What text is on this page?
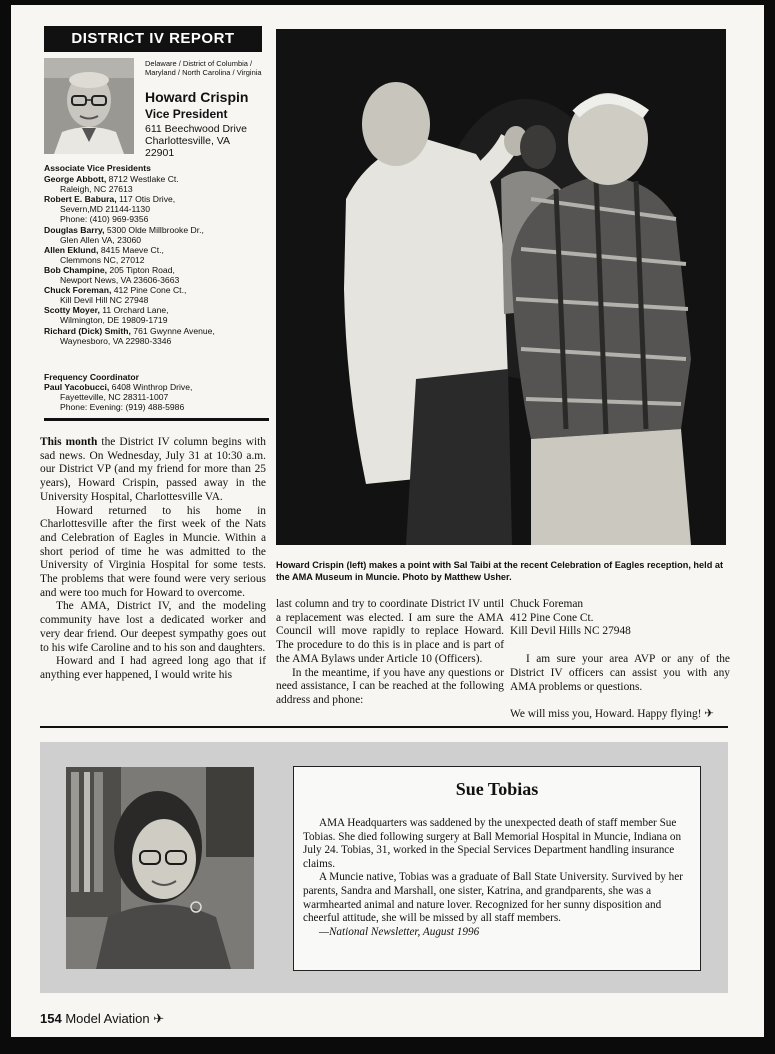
DISTRICT IV REPORT
Delaware / District of Columbia / Maryland / North Carolina / Virginia
Howard Crispin
Vice President
611 Beechwood Drive
Charlottesville, VA
22901
Associate Vice Presidents
George Abbott, 8712 Westlake Ct.
Raleigh, NC 27613
Robert E. Babura, 117 Otis Drive,
Severn,MD 21144-1130
Phone: (410) 969-9356
Douglas Barry, 5300 Olde Millbrooke Dr.,
Glen Allen VA, 23060
Allen Eklund, 8415 Maeve Ct.,
Clemmons NC, 27012
Bob Champine, 205 Tipton Road,
Newport News, VA 23606-3663
Chuck Foreman, 412 Pine Cone Ct.,
Kill Devil Hill NC 27948
Scotty Moyer, 11 Orchard Lane,
Wilmington, DE 19809-1719
Richard (Dick) Smith, 761 Gwynne Avenue,
Waynesboro, VA 22980-3346
Frequency Coordinator
Paul Yacobucci, 6408 Winthrop Drive,
Fayetteville, NC 28311-1007
Phone: Evening: (919) 488-5986
Howard Crispin (left) makes a point with Sal Taibi at the recent Celebration of Eagles reception, held at the AMA Museum in Muncie. Photo by Matthew Usher.

This month the District IV column begins with sad news. On Wednesday, July 31 at 10:30 a.m. our District VP (and my friend for more than 25 years), Howard Crispin, passed away in the University Hospital, Charlottesville VA.

Howard returned to his home in Charlottesville after the first week of the Nats and Celebration of Eagles in Muncie. Within a short period of time he was admitted to the University of Virginia Hospital for some tests. The problems that were found were very serious and were too much for Howard to overcome.

The AMA, District IV, and the modeling community have lost a dedicated worker and very dear friend. Our deepest sympathy goes out to his wife Caroline and to his son and daughters.

Howard and I had agreed long ago that if anything ever happened, I would write his

last column and try to coordinate District IV until a replacement was elected. I am sure the AMA Council will move rapidly to replace Howard. The procedure to do this is in place and is part of the AMA Bylaws under Article 10 (Officers).

In the meantime, if you have any questions or need assistance, I can be reached at the following address and phone:

Chuck Foreman
412 Pine Cone Ct.
Kill Devil Hills NC 27948

I am sure your area AVP or any of the District IV officers can assist you with any AMA problems or questions.

We will miss you, Howard. Happy flying! ✈

Sue Tobias

AMA Headquarters was saddened by the unexpected death of staff member Sue Tobias. She died following surgery at Ball Memorial Hospital in Muncie, Indiana on July 24. Tobias, 31, worked in the Special Services Department handling insurance claims.

A Muncie native, Tobias was a graduate of Ball State University. Survived by her parents, Sandra and Marshall, one sister, Katrina, and grandparents, she was a warmhearted animal and nature lover. Recognized for her sunny disposition and cheerful attitude, she will be missed by all staff members.

—National Newsletter, August 1996

154 Model Aviation ✈
